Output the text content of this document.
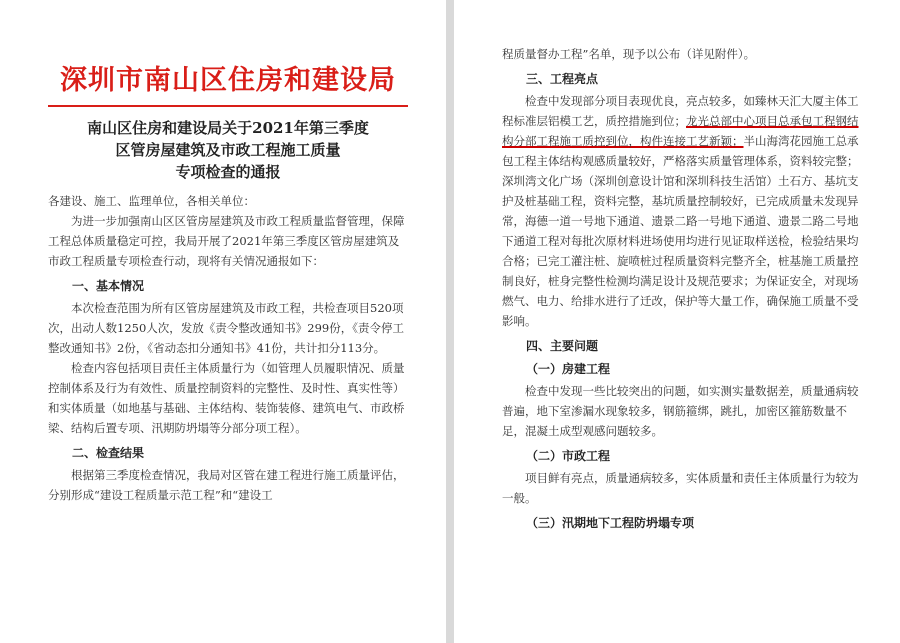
深圳市南山区住房和建设局
南山区住房和建设局关于2021年第三季度
区管房屋建筑及市政工程施工质量
专项检查的通报

各建设、施工、监理单位，各相关单位：

为进一步加强南山区区管房屋建筑及市政工程质量监督管理，保障工程总体质量稳定可控，我局开展了2021年第三季度区管房屋建筑及市政工程质量专项检查行动，现将有关情况通报如下：

一、基本情况

本次检查范围为所有区管房屋建筑及市政工程，共检查项目520项次，出动人数1250人次，发放《责令整改通知书》299份，《责令停工整改通知书》2份，《省动态扣分通知书》41份，共计扣分113分。

检查内容包括项目责任主体质量行为（如管理人员履职情况、质量控制体系及行为有效性、质量控制资料的完整性、及时性、真实性等）和实体质量（如地基与基础、主体结构、装饰装修、建筑电气、市政桥梁、结构后置专项、汛期防坍塌等分部分项工程）。

二、检查结果

根据第三季度检查情况，我局对区管在建工程进行施工质量评估，分别形成“建设工程质量示范工程”和“建设工

程质量督办工程”名单，现予以公布（详见附件）。

三、工程亮点

检查中发现部分项目表现优良，亮点较多，如臻林天汇大厦主体工程标准层铝模工艺，质控措施到位；龙光总部中心项目总承包工程钢结构分部工程施工质控到位，构件连接工艺新颖；半山海湾花园施工总承包工程主体结构观感质量较好，严格落实质量管理体系，资料较完整；深圳湾文化广场（深圳创意设计馆和深圳科技生活馆）土石方、基坑支护及桩基础工程，资料完整，基坑质量控制较好，已完成质量未发现异常，海德一道一号地下通道、遗景二路一号地下通道、遗景二路二号地下通道工程对每批次原材料进场使用均进行见证取样送检，检验结果均合格；已完工灌注桩、旋喷桩过程质量资料完整齐全，桩基施工质量控制良好，桩身完整性检测均满足设计及规范要求；为保证安全，对现场燃气、电力、给排水进行了迁改，保护等大量工作，确保施工质量不受影响。

四、主要问题
（一）房建工程

检查中发现一些比较突出的问题，如实测实量数据差，质量通病较普遍，地下室渗漏水现象较多，钢筋箍绑，跳扎，加密区箍筋数量不足，混凝土成型观感问题较多。

（二）市政工程

项目鲜有亮点，质量通病较多，实体质量和责任主体质量行为较为一般。

（三）汛期地下工程防坍塌专项
